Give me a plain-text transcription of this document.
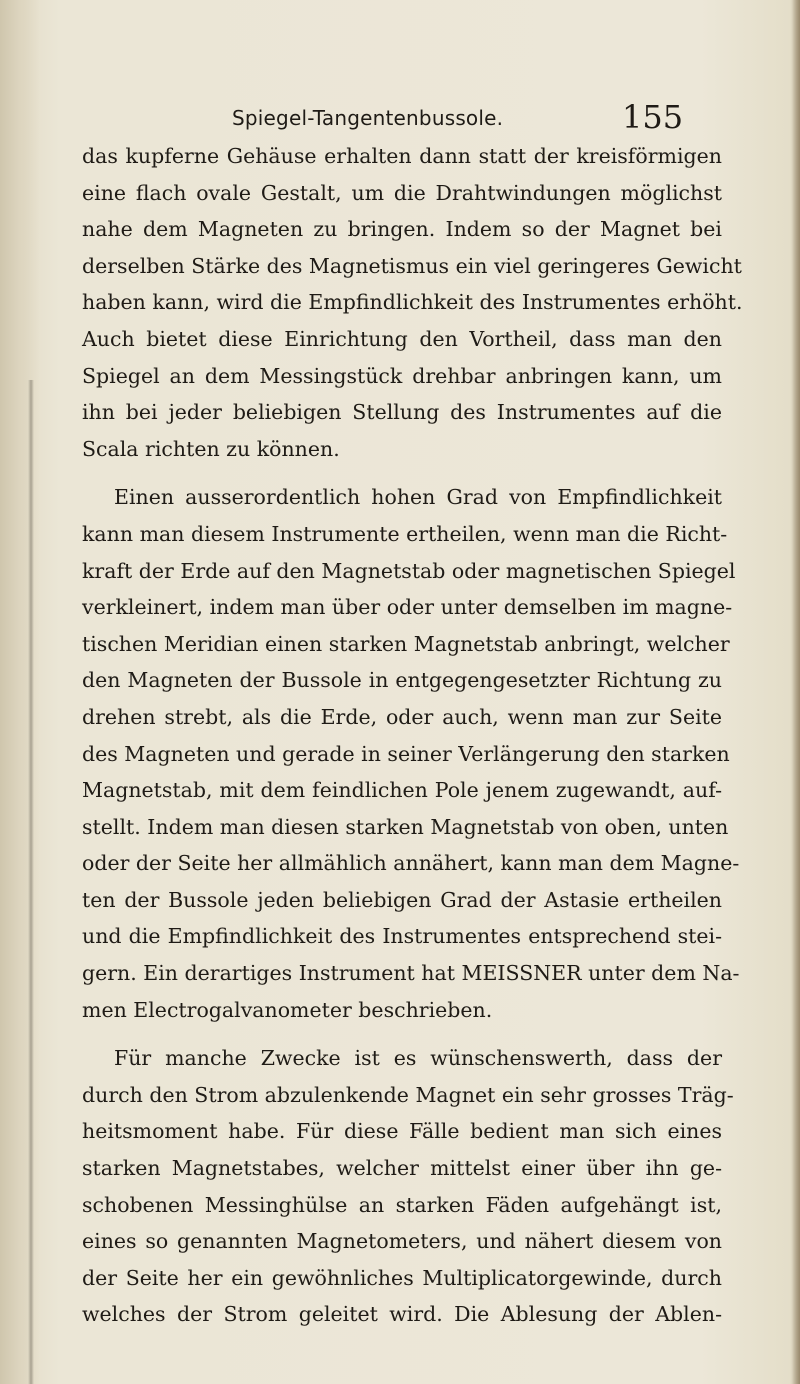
Spiegel-Tangentenbussole.	155
das kupferne Gehäuse erhalten dann statt der kreisförmigen
eine flach ovale Gestalt, um die Drahtwindungen möglichst
nahe dem Magneten zu bringen. Indem so der Magnet bei
derselben Stärke des Magnetismus ein viel geringeres Gewicht
haben kann, wird die Empfindlichkeit des Instrumentes erhöht.
Auch bietet diese Einrichtung den Vortheil, dass man den
Spiegel an dem Messingstück drehbar anbringen kann, um
ihn bei jeder beliebigen Stellung des Instrumentes auf die
Scala richten zu können.
Einen ausserordentlich hohen Grad von Empfindlichkeit
kann man diesem Instrumente ertheilen, wenn man die Richt-
kraft der Erde auf den Magnetstab oder magnetischen Spiegel
verkleinert, indem man über oder unter demselben im magne-
tischen Meridian einen starken Magnetstab anbringt, welcher
den Magneten der Bussole in entgegengesetzter Richtung zu
drehen strebt, als die Erde, oder auch, wenn man zur Seite
des Magneten und gerade in seiner Verlängerung den starken
Magnetstab, mit dem feindlichen Pole jenem zugewandt, auf-
stellt. Indem man diesen starken Magnetstab von oben, unten
oder der Seite her allmählich annähert, kann man dem Magne-
ten der Bussole jeden beliebigen Grad der Astasie ertheilen
und die Empfindlichkeit des Instrumentes entsprechend stei-
gern. Ein derartiges Instrument hat MEISSNER unter dem Na-
men Electrogalvanometer beschrieben.
Für manche Zwecke ist es wünschenswerth, dass der
durch den Strom abzulenkende Magnet ein sehr grosses Träg-
heitsmoment habe. Für diese Fälle bedient man sich eines
starken Magnetstabes, welcher mittelst einer über ihn ge-
schobenen Messinghülse an starken Fäden aufgehängt ist,
eines so genannten Magnetometers, und nähert diesem von
der Seite her ein gewöhnliches Multiplicatorgewinde, durch
welches der Strom geleitet wird. Die Ablesung der Ablen-
